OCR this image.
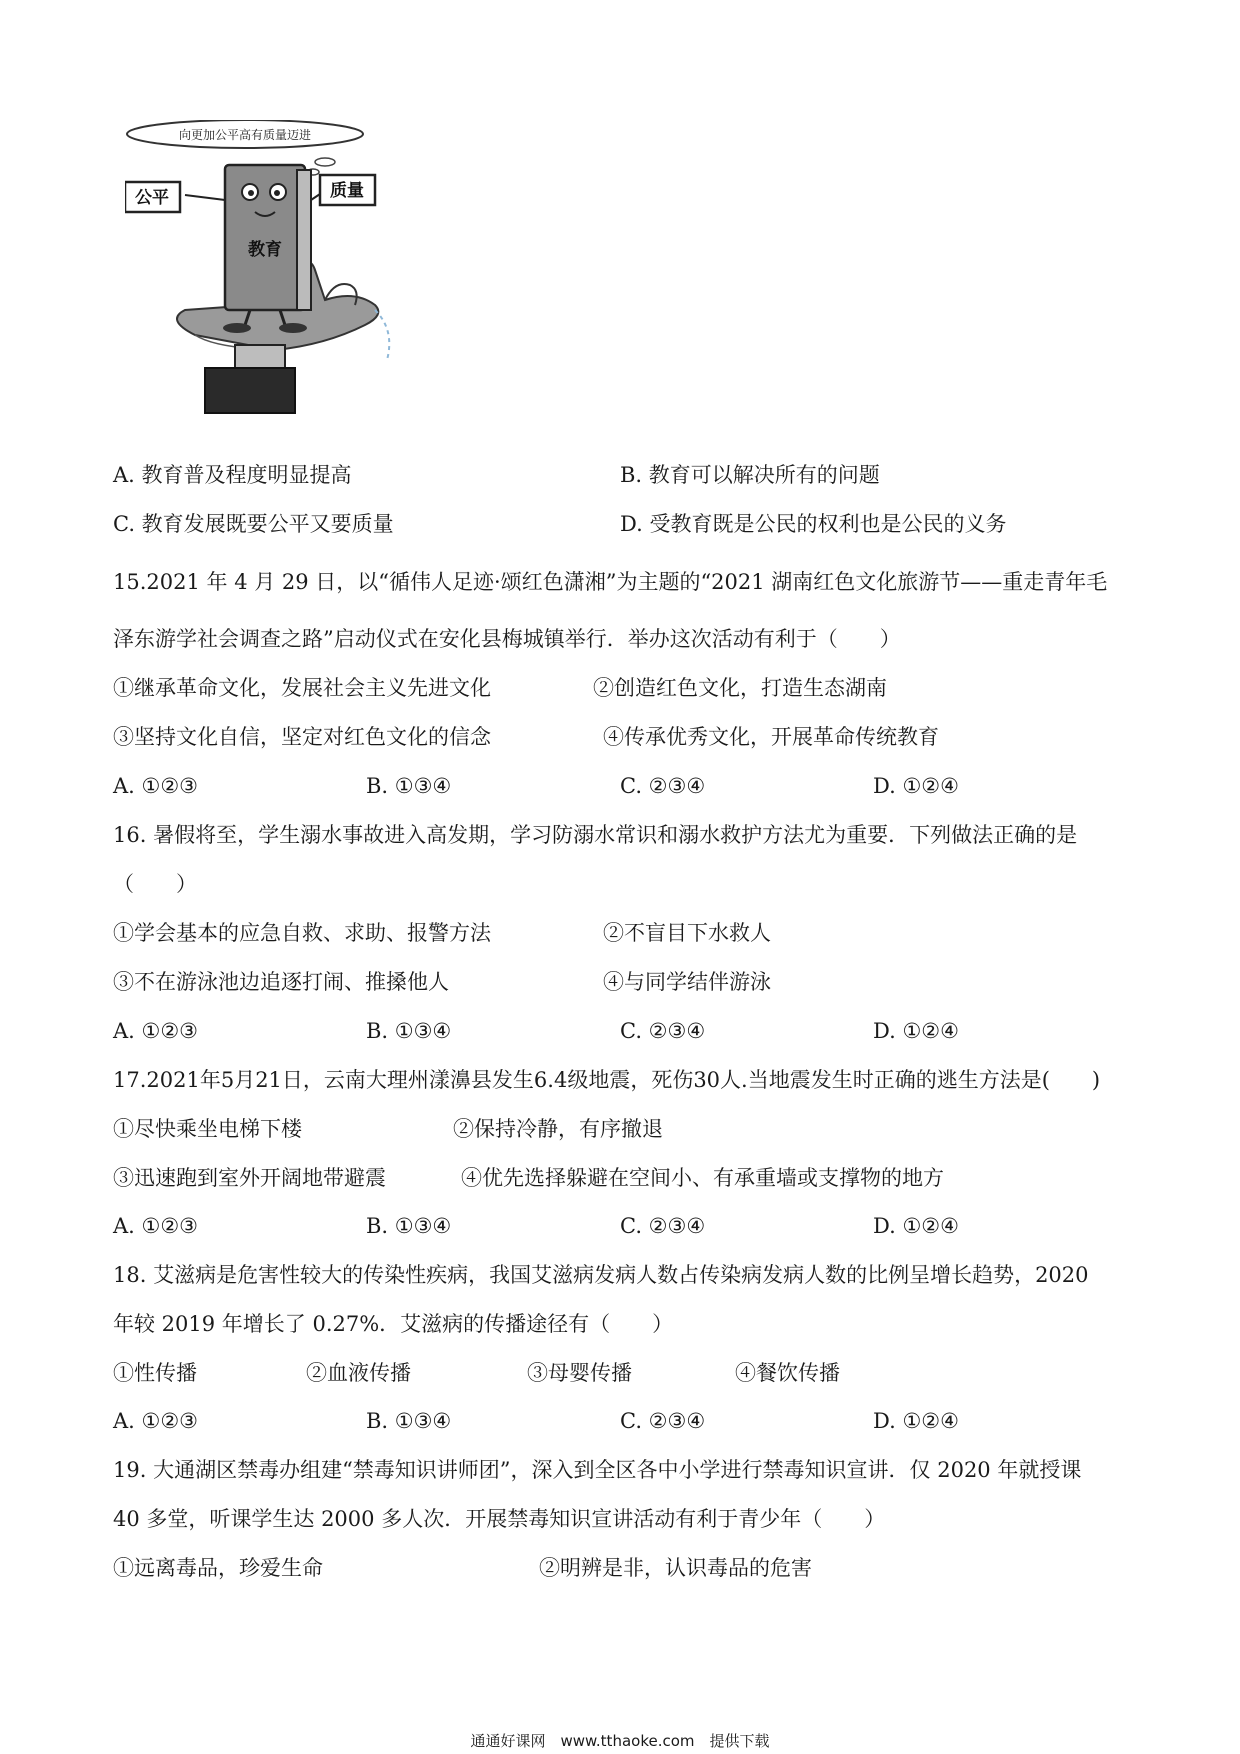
向更加公平高有质量迈进
教育
公平	质量
A. 教育普及程度明显提高	B. 教育可以解决所有的问题
C. 教育发展既要公平又要质量	D. 受教育既是公民的权利也是公民的义务
15.2021 年 4 月 29 日，以“循伟人足迹·颂红色潇湘”为主题的“2021 湖南红色文化旅游节——重走青年毛
泽东游学社会调查之路”启动仪式在安化县梅城镇举行．举办这次活动有利于（　　）
①继承革命文化，发展社会主义先进文化	②创造红色文化，打造生态湖南
③坚持文化自信，坚定对红色文化的信念	④传承优秀文化，开展革命传统教育
A. ①②③	B. ①③④	C. ②③④	D. ①②④
16. 暑假将至，学生溺水事故进入高发期，学习防溺水常识和溺水救护方法尤为重要．下列做法正确的是
（　　）
①学会基本的应急自救、求助、报警方法	②不盲目下水救人
③不在游泳池边追逐打闹、推搡他人	④与同学结伴游泳
A. ①②③	B. ①③④	C. ②③④	D. ①②④
17.2021年5月21日，云南大理州漾濞县发生6.4级地震，死伤30人.当地震发生时正确的逃生方法是(　　)
①尽快乘坐电梯下楼	②保持冷静，有序撤退
③迅速跑到室外开阔地带避震	④优先选择躲避在空间小、有承重墙或支撑物的地方
A. ①②③	B. ①③④	C. ②③④	D. ①②④
18. 艾滋病是危害性较大的传染性疾病，我国艾滋病发病人数占传染病发病人数的比例呈增长趋势，2020
年较 2019 年增长了 0.27%．艾滋病的传播途径有（　　）
①性传播	②血液传播	③母婴传播	④餐饮传播
A. ①②③	B. ①③④	C. ②③④	D. ①②④
19. 大通湖区禁毒办组建“禁毒知识讲师团”，深入到全区各中小学进行禁毒知识宣讲．仅 2020 年就授课
40 多堂，听课学生达 2000 多人次．开展禁毒知识宣讲活动有利于青少年（　　）
①远离毒品，珍爱生命	②明辨是非，认识毒品的危害
通通好课网　www.tthaoke.com　提供下载
